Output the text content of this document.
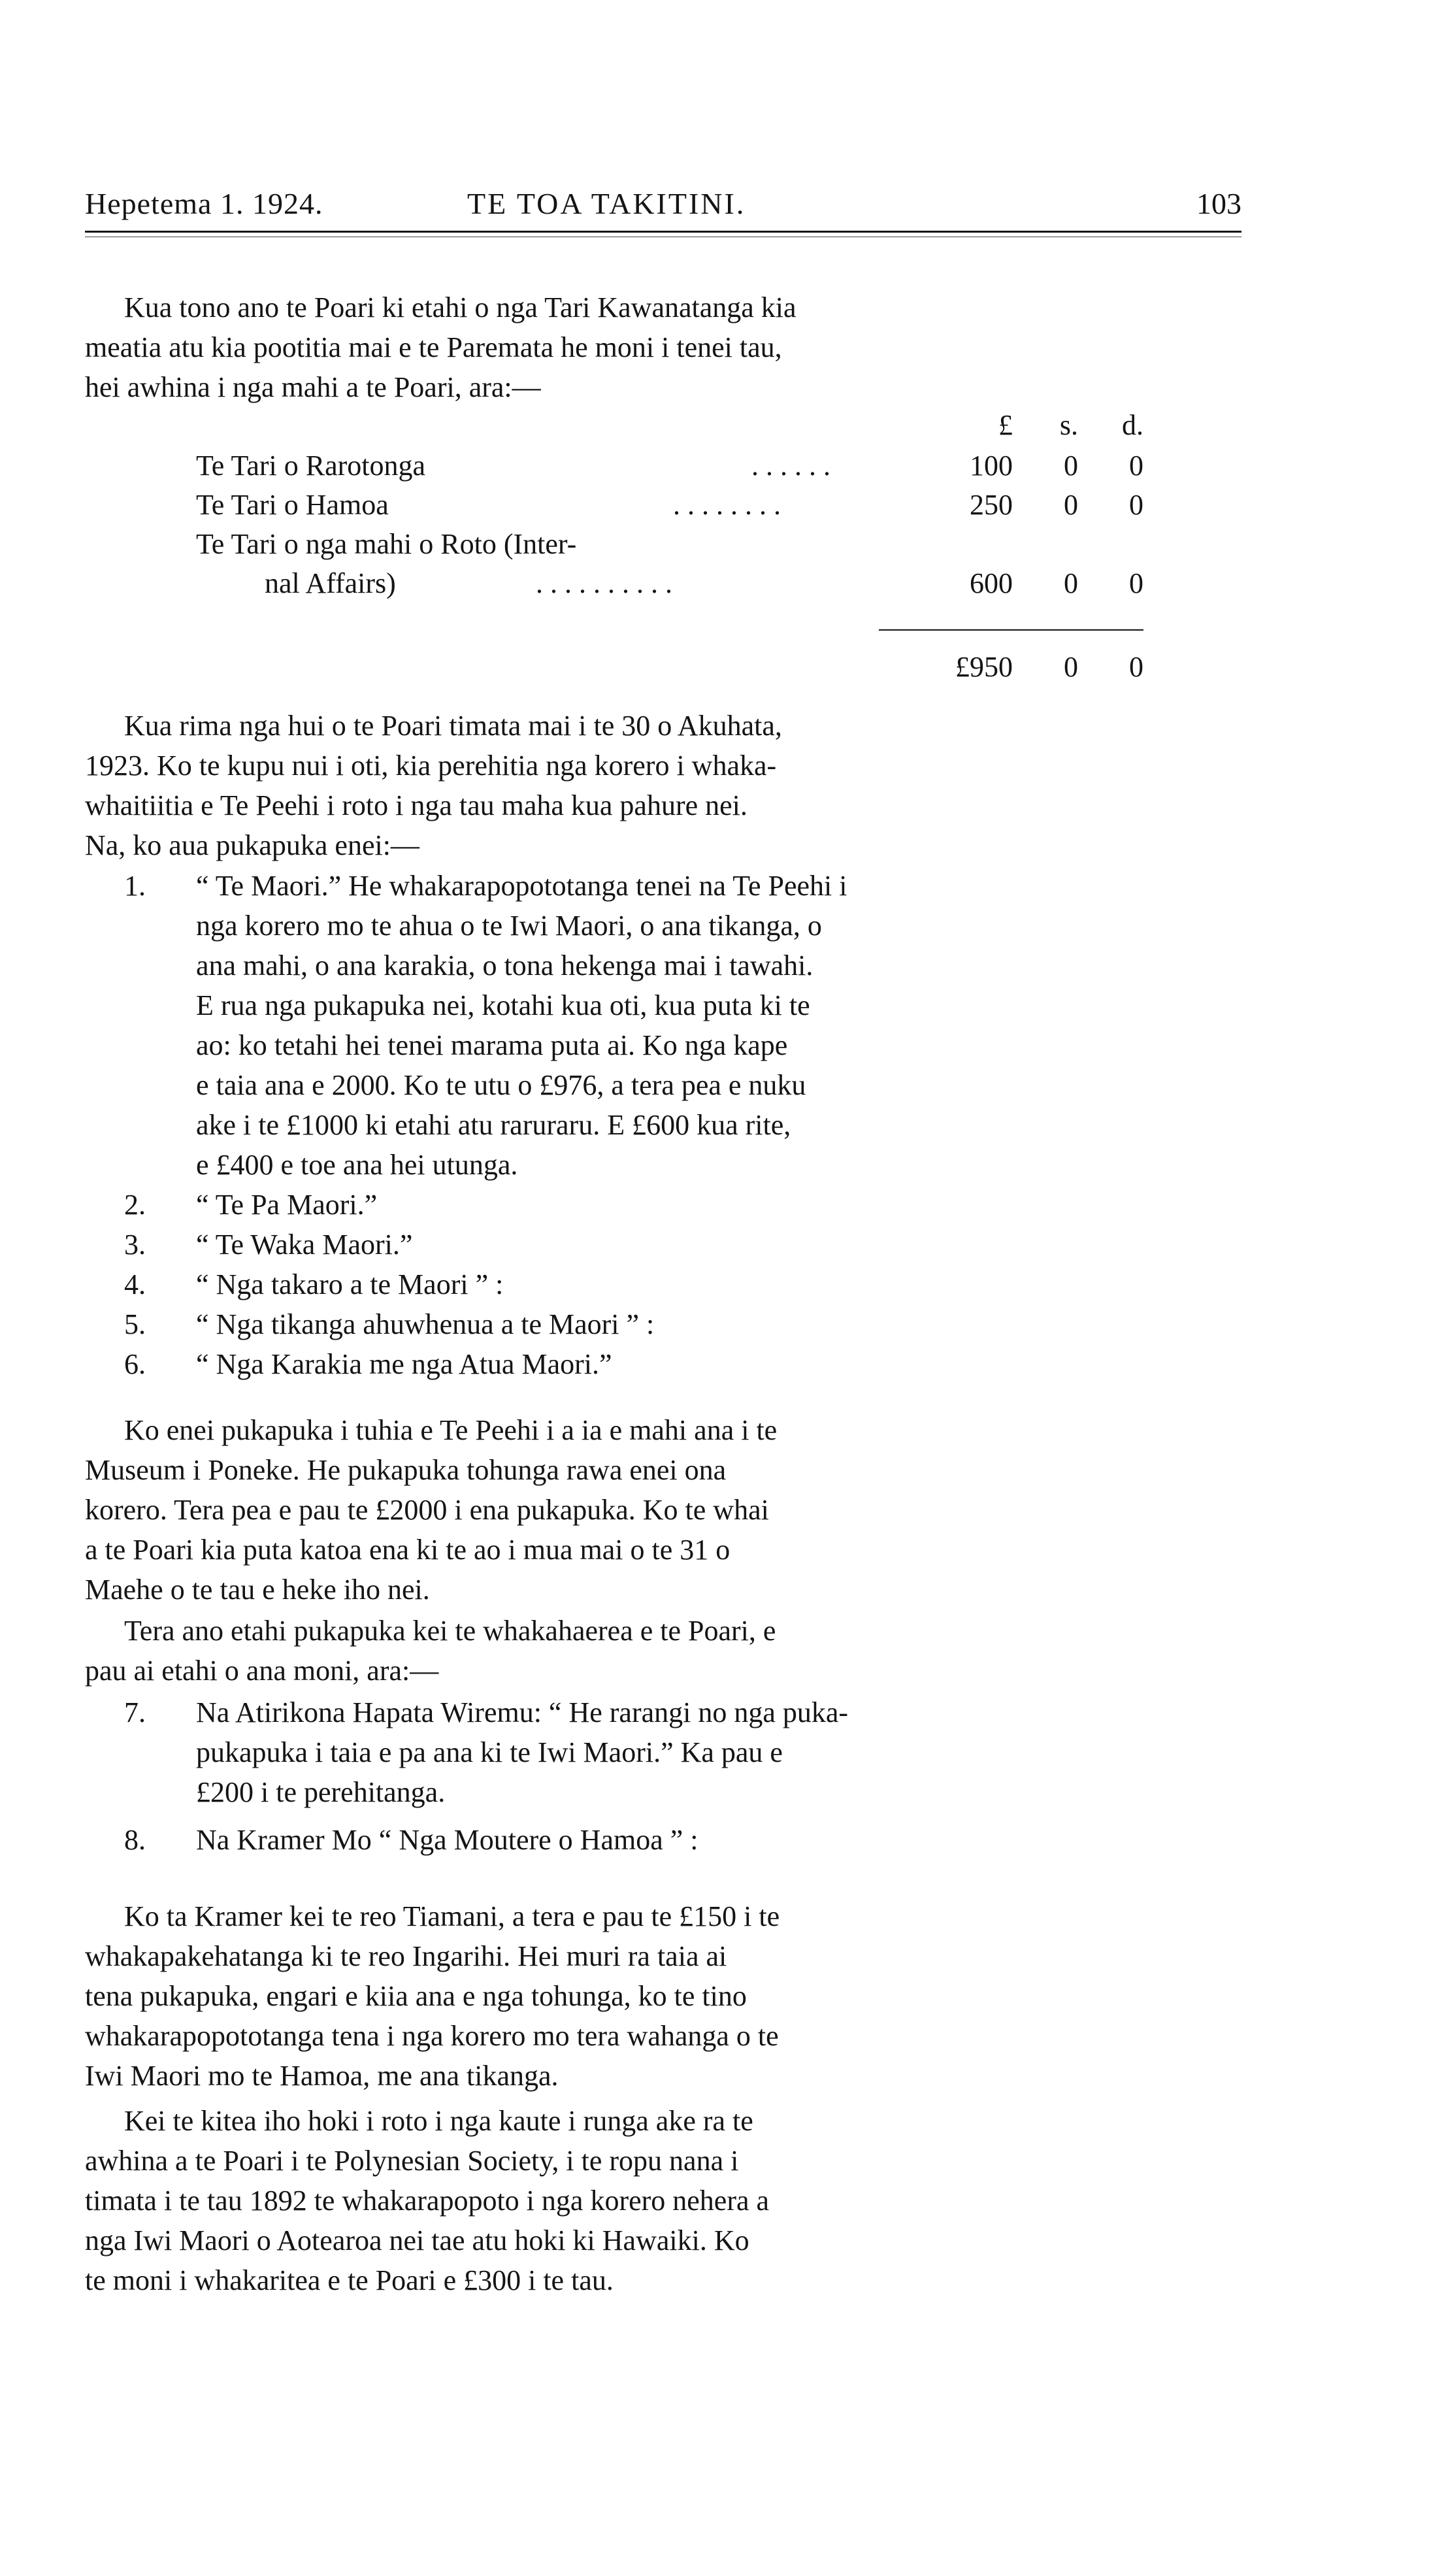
Hepetema 1. 1924.	TE TOA TAKITINI.	103
Kua tono ano te Poari ki etahi o nga Tari Kawanatanga kia
meatia atu kia pootitia mai e te Paremata he moni i tenei tau,
hei awhina i nga mahi a te Poari, ara:—
£	s.	d.
Te Tari o Rarotonga	. . . . . .	100	0	0
Te Tari o Hamoa	. . . . . . . .	250	0	0
Te Tari o nga mahi o Roto (Inter-
nal Affairs)	. . . . . . . . . .	600	0	0
£950	0	0
Kua rima nga hui o te Poari timata mai i te 30 o Akuhata,
1923. Ko te kupu nui i oti, kia perehitia nga korero i whaka-
whaitiitia e Te Peehi i roto i nga tau maha kua pahure nei.
Na, ko aua pukapuka enei:—
1. “ Te Maori.” He whakarapopototanga tenei na Te Peehi i
nga korero mo te ahua o te Iwi Maori, o ana tikanga, o
ana mahi, o ana karakia, o tona hekenga mai i tawahi.
E rua nga pukapuka nei, kotahi kua oti, kua puta ki te
ao: ko tetahi hei tenei marama puta ai. Ko nga kape
e taia ana e 2000. Ko te utu o £976, a tera pea e nuku
ake i te £1000 ki etahi atu raruraru. E £600 kua rite,
e £400 e toe ana hei utunga.
2. “ Te Pa Maori.”
3. “ Te Waka Maori.”
4. “ Nga takaro a te Maori ” :
5. “ Nga tikanga ahuwhenua a te Maori ” :
6. “ Nga Karakia me nga Atua Maori.”
Ko enei pukapuka i tuhia e Te Peehi i a ia e mahi ana i te
Museum i Poneke. He pukapuka tohunga rawa enei ona
korero. Tera pea e pau te £2000 i ena pukapuka. Ko te whai
a te Poari kia puta katoa ena ki te ao i mua mai o te 31 o
Maehe o te tau e heke iho nei.
Tera ano etahi pukapuka kei te whakahaerea e te Poari, e
pau ai etahi o ana moni, ara:—
7. Na Atirikona Hapata Wiremu: “ He rarangi no nga puka-
pukapuka i taia e pa ana ki te Iwi Maori.” Ka pau e
£200 i te perehitanga.
8. Na Kramer Mo “ Nga Moutere o Hamoa ” :
Ko ta Kramer kei te reo Tiamani, a tera e pau te £150 i te
whakapakehatanga ki te reo Ingarihi. Hei muri ra taia ai
tena pukapuka, engari e kiia ana e nga tohunga, ko te tino
whakarapopototanga tena i nga korero mo tera wahanga o te
Iwi Maori mo te Hamoa, me ana tikanga.
Kei te kitea iho hoki i roto i nga kaute i runga ake ra te
awhina a te Poari i te Polynesian Society, i te ropu nana i
timata i te tau 1892 te whakarapopoto i nga korero nehera a
nga Iwi Maori o Aotearoa nei tae atu hoki ki Hawaiki. Ko
te moni i whakaritea e te Poari e £300 i te tau.
